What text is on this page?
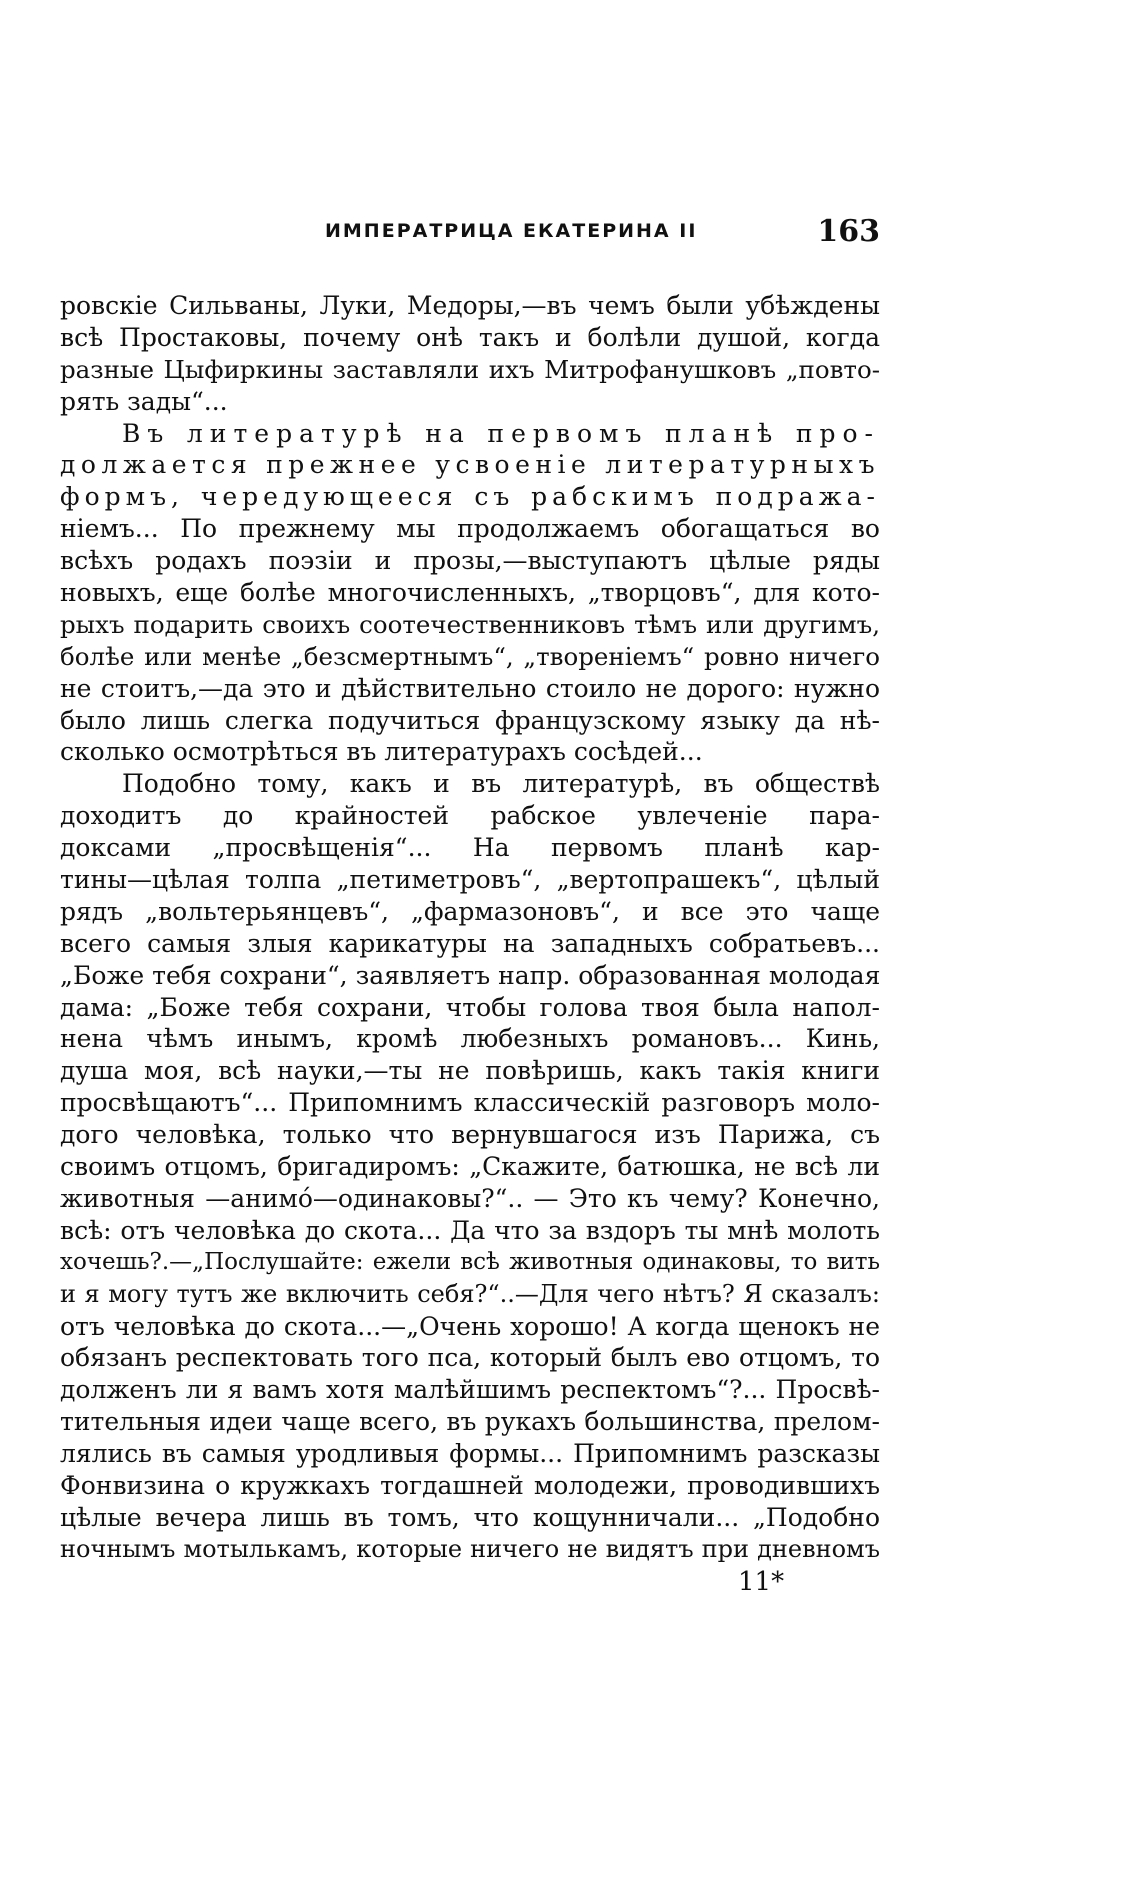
ИМПЕРАТРИЦА ЕКАТЕРИНА II	163
ровскіе Сильваны, Луки, Медоры,—въ чемъ были убѣждены
всѣ Простаковы, почему онѣ такъ и болѣли душой, когда
разные Цыфиркины заставляли ихъ Митрофанушковъ „повто-
рять зады“...
Въ литературѣ на первомъ планѣ про-
должается прежнее усвоеніе литературныхъ
формъ, чередующееся съ рабскимъ подража-
ніемъ... По прежнему мы продолжаемъ обогащаться во
всѣхъ родахъ поэзіи и прозы,—выступаютъ цѣлые ряды
новыхъ, еще болѣе многочисленныхъ, „творцовъ“, для кото-
рыхъ подарить своихъ соотечественниковъ тѣмъ или другимъ,
болѣе или менѣе „безсмертнымъ“, „твореніемъ“ ровно ничего
не стоитъ,—да это и дѣйствительно стоило не дорого: нужно
было лишь слегка подучиться французскому языку да нѣ-
сколько осмотрѣться въ литературахъ сосѣдей...
Подобно тому, какъ и въ литературѣ, въ обществѣ
доходитъ до крайностей рабское увлеченіе пара-
доксами „просвѣщенія“... На первомъ планѣ кар-
тины—цѣлая толпа „петиметровъ“, „вертопрашекъ“, цѣлый
рядъ „вольтерьянцевъ“, „фармазоновъ“, и все это чаще
всего самыя злыя карикатуры на западныхъ собратьевъ...
„Боже тебя сохрани“, заявляетъ напр. образованная молодая
дама: „Боже тебя сохрани, чтобы голова твоя была напол-
нена чѣмъ инымъ, кромѣ любезныхъ романовъ... Кинь,
душа моя, всѣ науки,—ты не повѣришь, какъ такія книги
просвѣщаютъ“... Припомнимъ классическій разговоръ моло-
дого человѣка, только что вернувшагося изъ Парижа, съ
своимъ отцомъ, бригадиромъ: „Скажите, батюшка, не всѣ ли
животныя —анимó—одинаковы?“.. — Это къ чему? Конечно,
всѣ: отъ человѣка до скота... Да что за вздоръ ты мнѣ молоть
хочешь?.—„Послушайте: ежели всѣ животныя одинаковы, то вить
и я могу тутъ же включить себя?“..—Для чего нѣтъ? Я сказалъ:
отъ человѣка до скота...—„Очень хорошо! А когда щенокъ не
обязанъ респектовать того пса, который былъ ево отцомъ, то
долженъ ли я вамъ хотя малѣйшимъ респектомъ“?... Просвѣ-
тительныя идеи чаще всего, въ рукахъ большинства, прелом-
лялись въ самыя уродливыя формы... Припомнимъ разсказы
Фонвизина о кружкахъ тогдашней молодежи, проводившихъ
цѣлые вечера лишь въ томъ, что кощунничали... „Подобно
ночнымъ мотылькамъ, которые ничего не видятъ при дневномъ
11*
